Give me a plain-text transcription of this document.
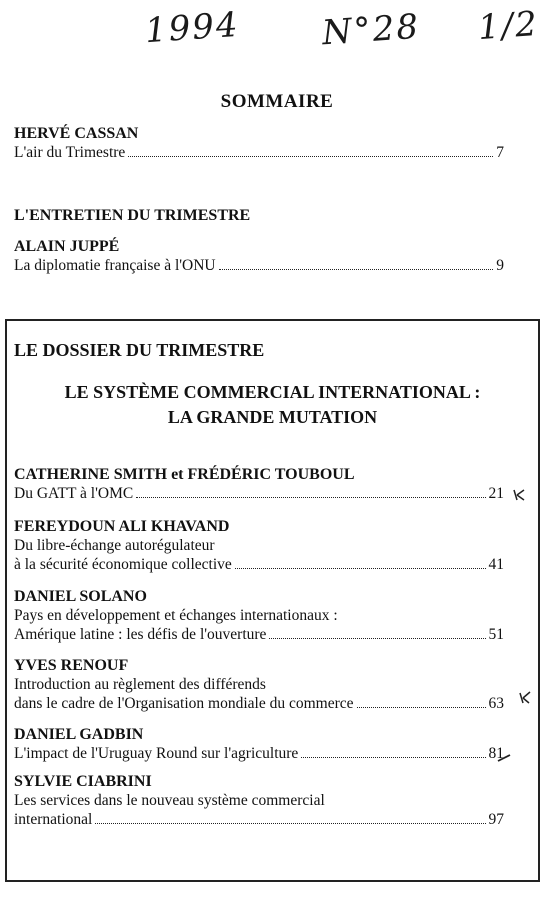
1994 N°28 1/2
SOMMAIRE
HERVÉ CASSAN
L'air du Trimestre	7
L'ENTRETIEN DU TRIMESTRE
ALAIN JUPPÉ
La diplomatie française à l'ONU	9
LE DOSSIER DU TRIMESTRE
LE SYSTÈME COMMERCIAL INTERNATIONAL :
LA GRANDE MUTATION
CATHERINE SMITH et FRÉDÉRIC TOUBOUL
Du GATT à l'OMC	21
FEREYDOUN ALI KHAVAND
Du libre-échange autorégulateur
à la sécurité économique collective	41
DANIEL SOLANO
Pays en développement et échanges internationaux :
Amérique latine : les défis de l'ouverture	51
YVES RENOUF
Introduction au règlement des différends
dans le cadre de l'Organisation mondiale du commerce	63
DANIEL GADBIN
L'impact de l'Uruguay Round sur l'agriculture	81
SYLVIE CIABRINI
Les services dans le nouveau système commercial
international	97
